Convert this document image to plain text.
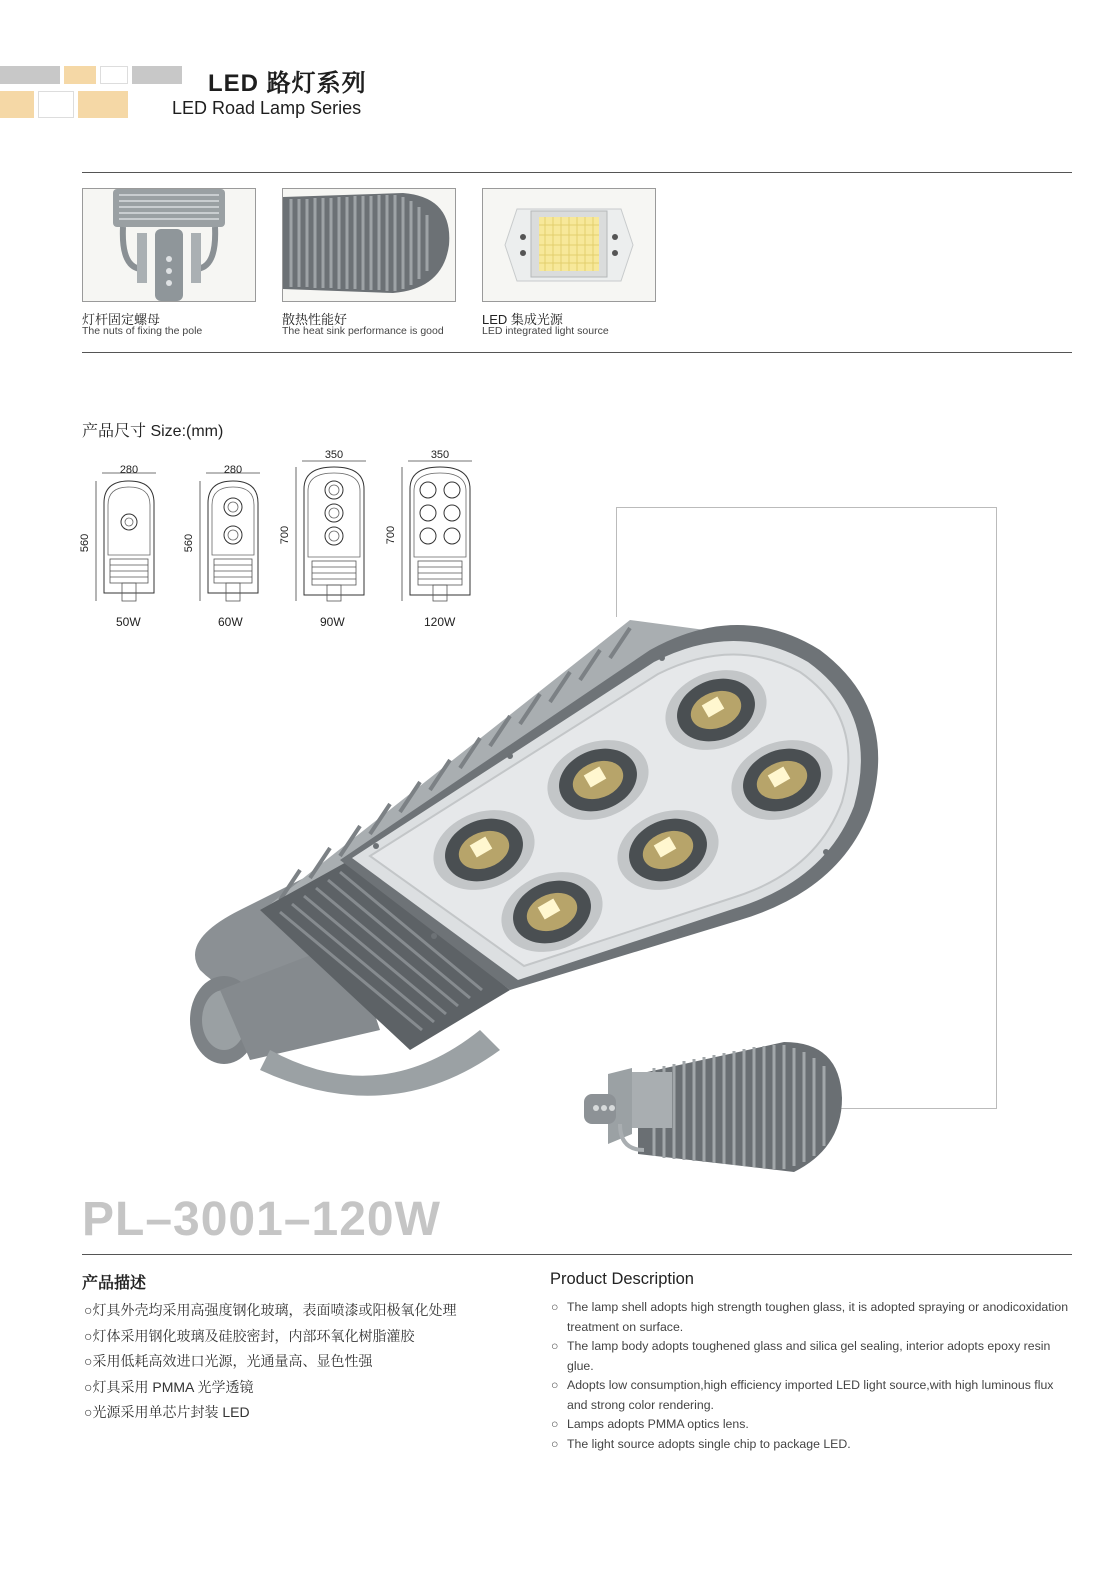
LED 路灯系列
LED Road Lamp Series
灯杆固定螺母
The nuts of fixing the pole
散热性能好
The heat sink performance is good
LED 集成光源
LED integrated light source
产品尺寸 Size:(mm)
280
560
280
560
350
700
350
700
50W	60W	90W	120W
PL–3001–120W
产品描述	Product Description
○灯具外壳均采用高强度钢化玻璃，表面喷漆或阳极氧化处理
○灯体采用钢化玻璃及硅胶密封，内部环氧化树脂灌胶
○采用低耗高效进口光源，光通量高、显色性强
○灯具采用 PMMA 光学透镜
○光源采用单芯片封装 LED
○ The lamp shell adopts high strength toughen glass, it is adopted spraying or anodicoxidation treatment on surface.
○ The lamp body adopts toughened glass and silica gel sealing, interior adopts epoxy resin glue.
○ Adopts low consumption,high efficiency imported LED light source,with high luminous flux and strong color rendering.
○ Lamps adopts PMMA optics lens.
○ The light source adopts single chip to package LED.
